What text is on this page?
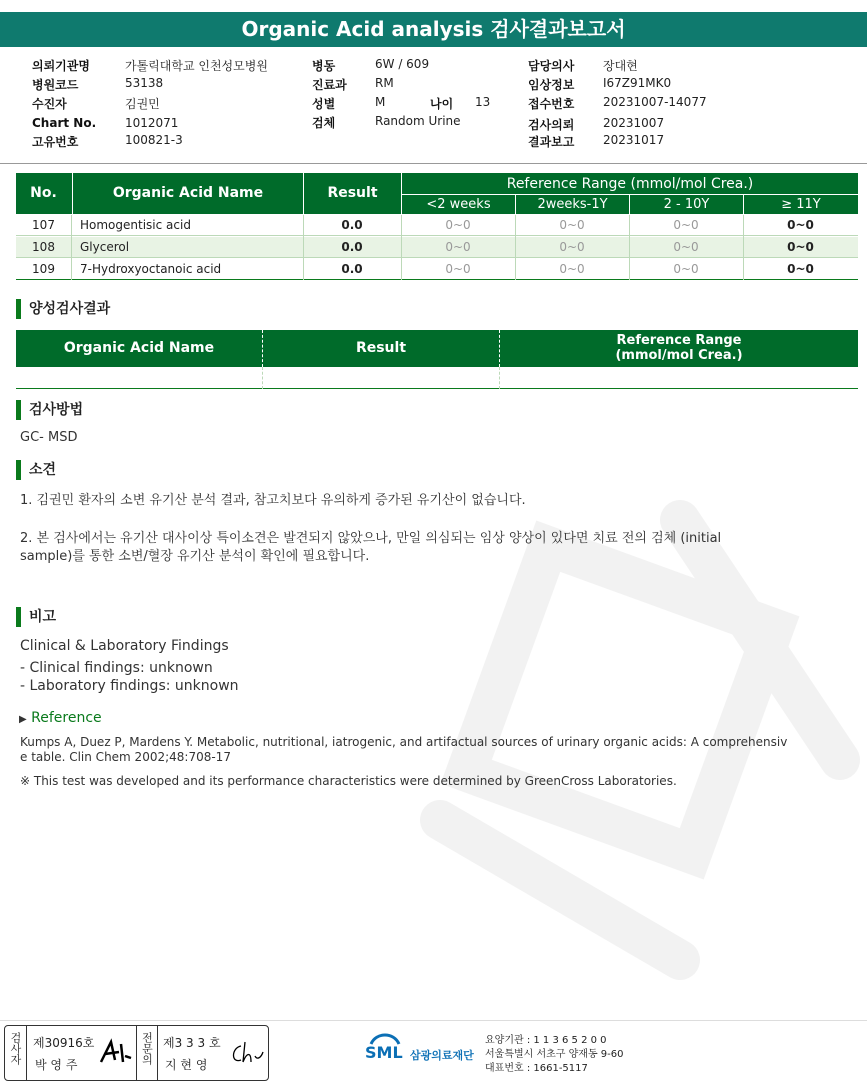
Organic Acid analysis 검사결과보고서
의뢰기관명	가톨릭대학교 인천성모병원
병원코드	53138
수진자	김권민
Chart No. 1012071
고유번호	100821-3
병동	6W / 609
진료과 RM
성별	M	나이 13
검체	Random Urine
담당의사 장대현
임상정보 I67Z91MK0
접수번호 20231007-14077
검사의뢰 20231007
결과보고 20231017
No.	Organic Acid Name	Result
Reference Range (mmol/mol Crea.)
<2 weeks	2weeks-1Y	2 - 10Y	≥ 11Y
107	Homogentisic acid	0.0	0~0	0~0	0~0	0~0
108	Glycerol	0.0	0~0	0~0	0~0	0~0
109	7-Hydroxyoctanoic acid	0.0	0~0	0~0	0~0	0~0
양성검사결과
Organic Acid Name	Result	Reference Range
(mmol/mol Crea.)
검사방법
GC- MSD
소견
1. 김권민 환자의 소변 유기산 분석 결과, 참고치보다 유의하게 증가된 유기산이 없습니다.
2. 본 검사에서는 유기산 대사이상 특이소견은 발견되지 않았으나, 만일 의심되는 임상 양상이 있다면 치료 전의 검체 (initial
sample)를 통한 소변/혈장 유기산 분석이 확인에 필요합니다.
비고
Clinical & Laboratory Findings
- Clinical findings: unknown
- Laboratory findings: unknown
▶ Reference
Kumps A, Duez P, Mardens Y. Metabolic, nutritional, iatrogenic, and artifactual sources of urinary organic acids: A comprehensiv
e table. Clin Chem 2002;48:708-17
※ This test was developed and its performance characteristics were determined by GreenCross Laboratories.
검사자 제30916호
박 영 주	전문의 제3 3 3 호
지 현 영
SML 삼광의료재단
요양기관 : 1 1 3 6 5 2 0 0
서울특별시 서초구 양재동 9-60
대표번호 : 1661-5117
